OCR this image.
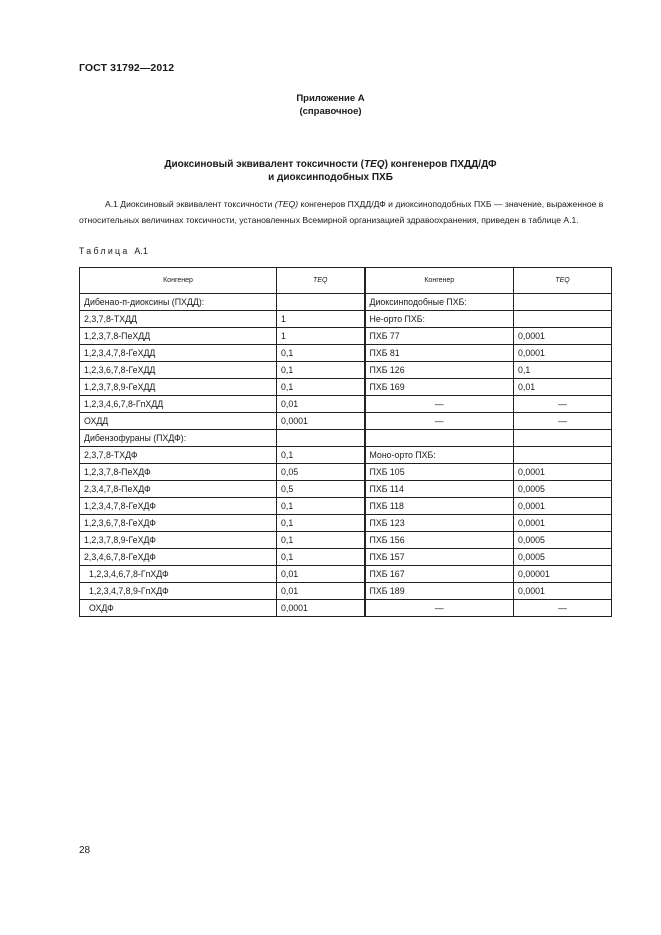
ГОСТ 31792—2012
Приложение А
(справочное)
Диоксиновый эквивалент токсичности (TEQ) конгенеров ПХДД/ДФ
и диоксинподобных ПХБ

А.1 Диоксиновый эквивалент токсичности (TEQ) конгенеров ПХДД/ДФ и диоксиноподобных ПХБ — значение, выраженное в относительных величинах токсичности, установленных Всемирной организацией здравоохранения, приведен в таблице А.1.

Таблица А.1
Конгенер	TEQ	Конгенер	TEQ
Дибенао-п-диоксины (ПХДД):		Диоксинподобные ПХБ:	
2,3,7,8-ТХДД	1	Не-орто ПХБ:	
1,2,3,7,8-ПеХДД	1	ПХБ 77	0,0001
1,2,3,4,7,8-ГеХДД	0,1	ПХБ 81	0,0001
1,2,3,6,7,8-ГеХДД	0,1	ПХБ 126	0,1
1,2,3,7,8,9-ГеХДД	0,1	ПХБ 169	0,01
1,2,3,4,6,7,8-ГпХДД	0,01	—	—
ОХДД	0,0001	—	—
Дибензофураны (ПХДФ):			
2,3,7,8-ТХДФ	0,1	Моно-орто ПХБ:	
1,2,3,7,8-ПеХДФ	0,05	ПХБ 105	0,0001
2,3,4,7,8-ПеХДФ	0,5	ПХБ 114	0,0005
1,2,3,4,7,8-ГеХДФ	0,1	ПХБ 118	0,0001
1,2,3,6,7,8-ГеХДФ	0,1	ПХБ 123	0,0001
1,2,3,7,8,9-ГеХДФ	0,1	ПХБ 156	0,0005
2,3,4,6,7,8-ГеХДФ	0,1	ПХБ 157	0,0005
1,2,3,4,6,7,8-ГпХДФ	0,01	ПХБ 167	0,00001
1,2,3,4,7,8,9-ГпХДФ	0,01	ПХБ 189	0,0001
ОХДФ	0,0001	—	—
28
